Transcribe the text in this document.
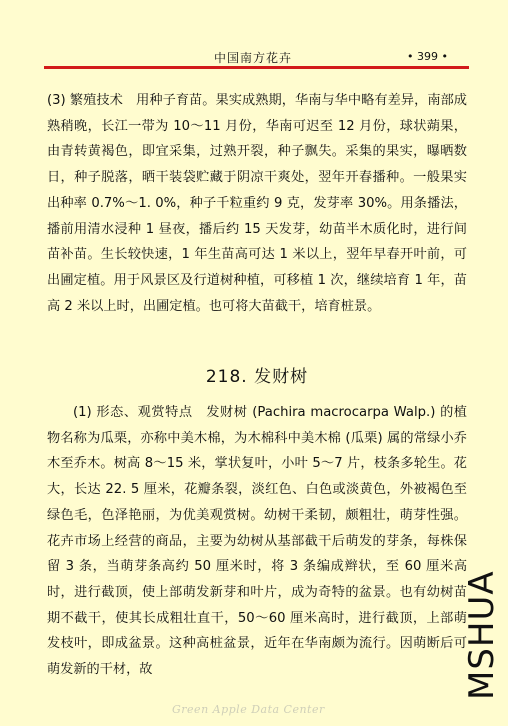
中国南方花卉	• 399 •

(3) 繁殖技术　用种子育苗。果实成熟期，华南与华中略有差异，南部成熟稍晚，长江一带为 10～11 月份，华南可迟至 12 月份，球状蒴果，由青转黄褐色，即宜采集，过熟开裂，种子飘失。采集的果实，曝晒数日，种子脱落，晒干装袋贮藏于阴凉干爽处，翌年开春播种。一般果实出种率 0.7%～1. 0%，种子千粒重约 9 克，发芽率 30%。用条播法，播前用清水浸种 1 昼夜，播后约 15 天发芽，幼苗半木质化时，进行间苗补苗。生长较快速，1 年生苗高可达 1 米以上，翌年早春开叶前，可出圃定植。用于风景区及行道树种植，可移植 1 次，继续培育 1 年，苗高 2 米以上时，出圃定植。也可将大苗截干，培育桩景。

218. 发财树

(1) 形态、观赏特点　发财树 (Pachira macrocarpa Walp.) 的植物名称为瓜栗，亦称中美木棉，为木棉科中美木棉 (瓜栗) 属的常绿小乔木至乔木。树高 8～15 米，掌状复叶，小叶 5～7 片，枝条多轮生。花大，长达 22. 5 厘米，花瓣条裂，淡红色、白色或淡黄色，外被褐色至绿色毛，色泽艳丽，为优美观赏树。幼树干柔韧，颇粗壮，萌芽性强。花卉市场上经营的商品，主要为幼树从基部截干后萌发的芽条，每株保留 3 条，当萌芽条高约 50 厘米时，将 3 条编成辫状，至 60 厘米高时，进行截顶，使上部萌发新芽和叶片，成为奇特的盆景。也有幼树苗期不截干，使其长成粗壮直干，50～60 厘米高时，进行截顶，上部萌发枝叶，即成盆景。这种高桩盆景，近年在华南颇为流行。因萌断后可萌发新的干材，故

Green Apple Data Center
MSHUA
